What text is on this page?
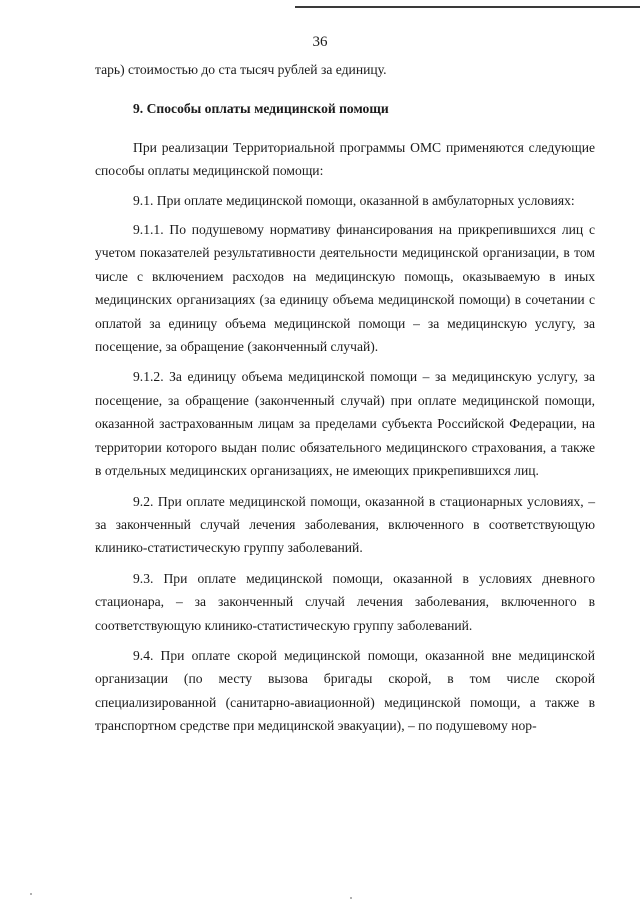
36

тарь) стоимостью до ста тысяч рублей за единицу.

9. Способы оплаты медицинской помощи

При реализации Территориальной программы ОМС применяются следующие способы оплаты медицинской помощи:

9.1. При оплате медицинской помощи, оказанной в амбулаторных условиях:

9.1.1. По подушевому нормативу финансирования на прикрепившихся лиц с учетом показателей результативности деятельности медицинской организации, в том числе с включением расходов на медицинскую помощь, оказываемую в иных медицинских организациях (за единицу объема медицинской помощи) в сочетании с оплатой за единицу объема медицинской помощи – за медицинскую услугу, за посещение, за обращение (законченный случай).

9.1.2. За единицу объема медицинской помощи – за медицинскую услугу, за посещение, за обращение (законченный случай) при оплате медицинской помощи, оказанной застрахованным лицам за пределами субъекта Российской Федерации, на территории которого выдан полис обязательного медицинского страхования, а также в отдельных медицинских организациях, не имеющих прикрепившихся лиц.

9.2. При оплате медицинской помощи, оказанной в стационарных условиях, – за законченный случай лечения заболевания, включенного в соответствующую клинико-статистическую группу заболеваний.

9.3. При оплате медицинской помощи, оказанной в условиях дневного стационара, – за законченный случай лечения заболевания, включенного в соответствующую клинико-статистическую группу заболеваний.

9.4. При оплате скорой медицинской помощи, оказанной вне медицинской организации (по месту вызова бригады скорой, в том числе скорой специализированной (санитарно-авиационной) медицинской помощи, а также в транспортном средстве при медицинской эвакуации), – по подушевому нор-
